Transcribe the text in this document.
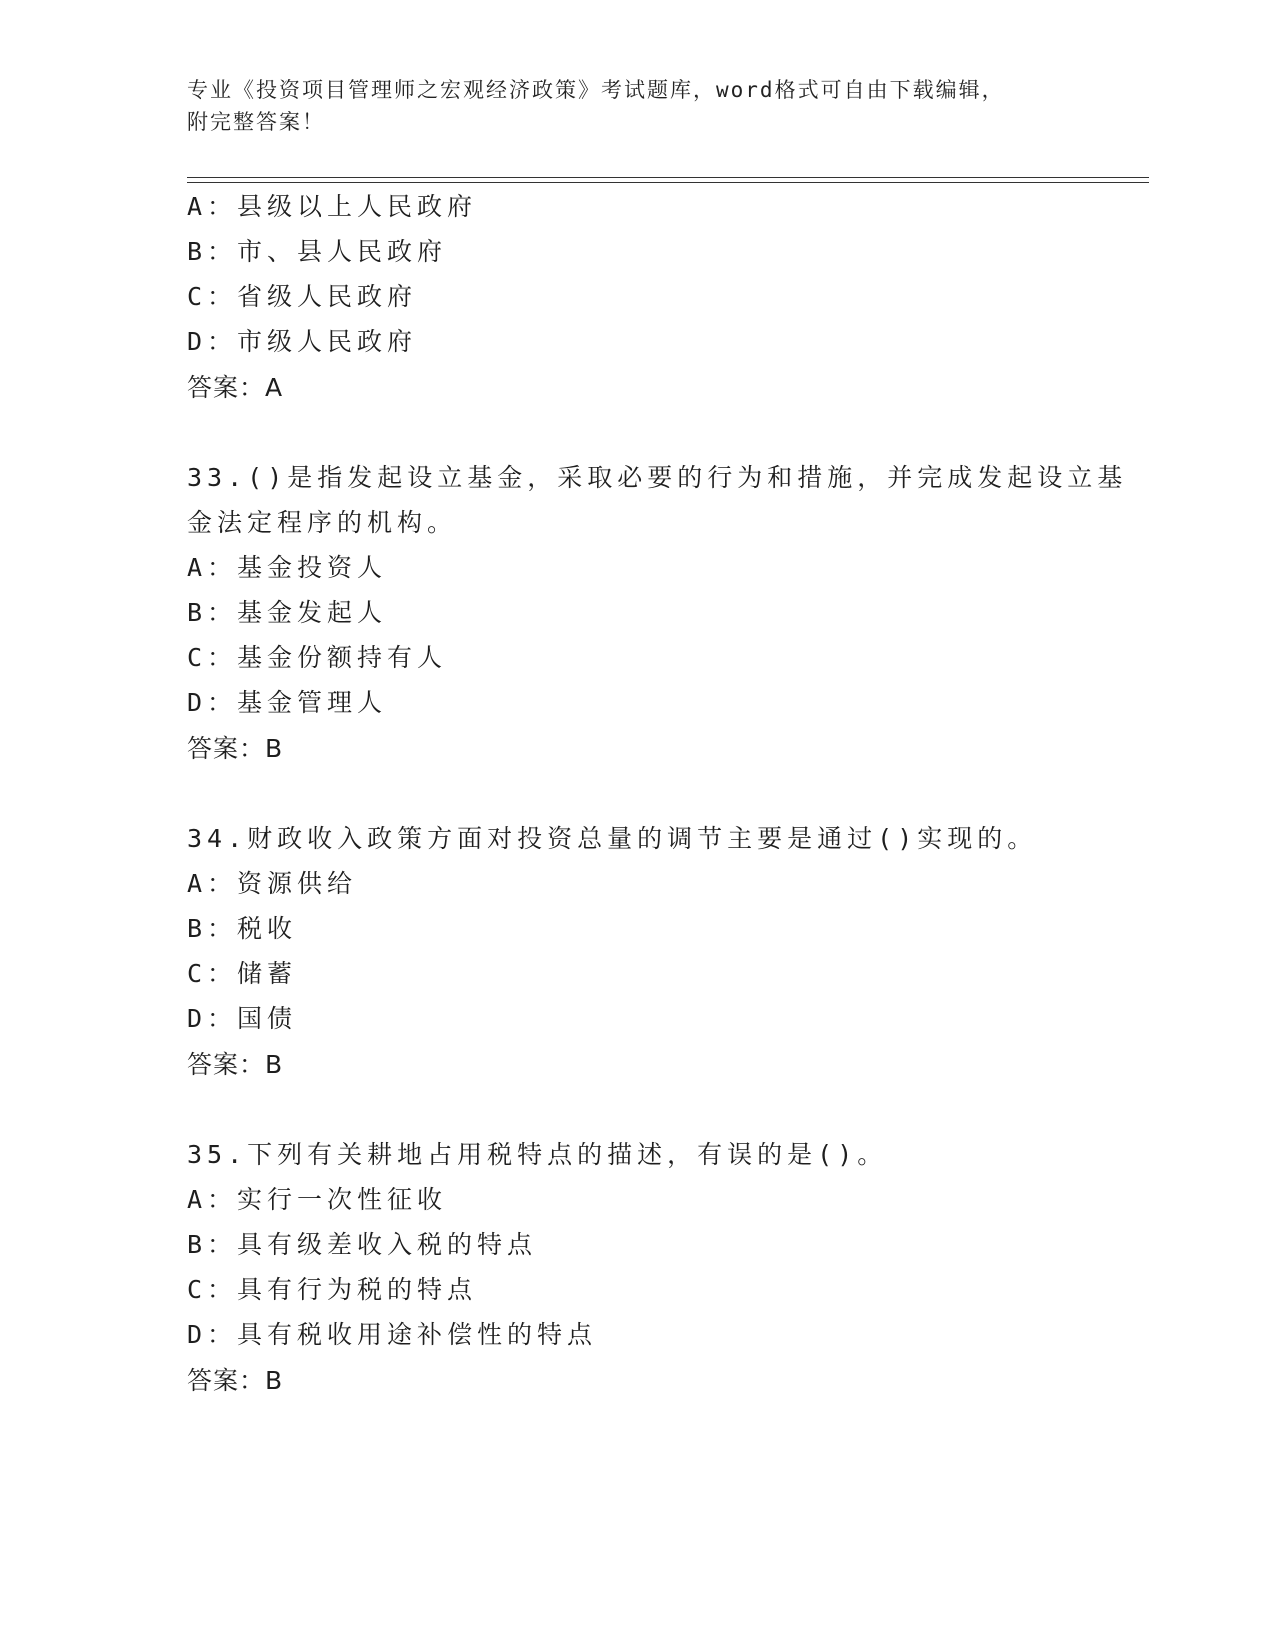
专业《投资项目管理师之宏观经济政策》考试题库，word格式可自由下载编辑，
附完整答案！
A：县级以上人民政府
B：市、县人民政府
C：省级人民政府
D：市级人民政府
答案：A
33.()是指发起设立基金，采取必要的行为和措施，并完成发起设立基
金法定程序的机构。
A：基金投资人
B：基金发起人
C：基金份额持有人
D：基金管理人
答案：B
34.财政收入政策方面对投资总量的调节主要是通过()实现的。
A：资源供给
B：税收
C：储蓄
D：国债
答案：B
35.下列有关耕地占用税特点的描述，有误的是()。
A：实行一次性征收
B：具有级差收入税的特点
C：具有行为税的特点
D：具有税收用途补偿性的特点
答案：B
